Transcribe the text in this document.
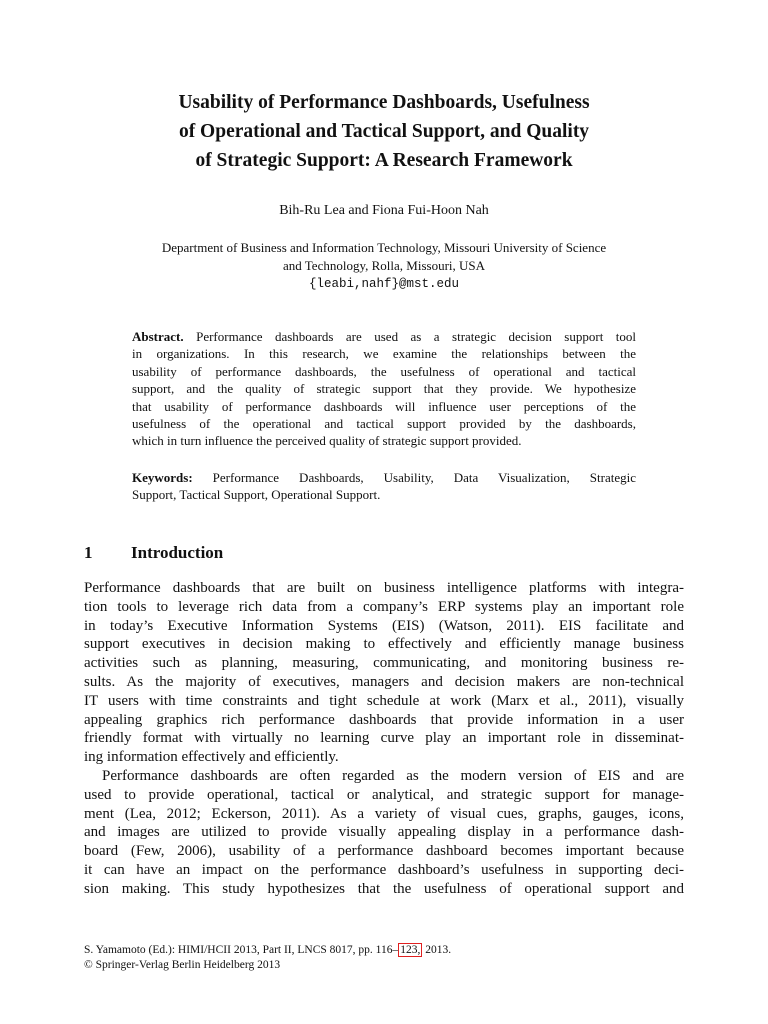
Usability of Performance Dashboards, Usefulness
of Operational and Tactical Support, and Quality
of Strategic Support: A Research Framework

Bih-Ru Lea and Fiona Fui-Hoon Nah

Department of Business and Information Technology, Missouri University of Science
and Technology, Rolla, Missouri, USA
{leabi,nahf}@mst.edu

Abstract. Performance dashboards are used as a strategic decision support tool
in organizations. In this research, we examine the relationships between the
usability of performance dashboards, the usefulness of operational and tactical
support, and the quality of strategic support that they provide. We hypothesize
that usability of performance dashboards will influence user perceptions of the
usefulness of the operational and tactical support provided by the dashboards,
which in turn influence the perceived quality of strategic support provided.
Keywords: Performance Dashboards, Usability, Data Visualization, Strategic
Support, Tactical Support, Operational Support.
1 Introduction
Performance dashboards that are built on business intelligence platforms with integra-
tion tools to leverage rich data from a company’s ERP systems play an important role
in today’s Executive Information Systems (EIS) (Watson, 2011). EIS facilitate and
support executives in decision making to effectively and efficiently manage business
activities such as planning, measuring, communicating, and monitoring business re-
sults. As the majority of executives, managers and decision makers are non-technical
IT users with time constraints and tight schedule at work (Marx et al., 2011), visually
appealing graphics rich performance dashboards that provide information in a user
friendly format with virtually no learning curve play an important role in disseminat-
ing information effectively and efficiently.
Performance dashboards are often regarded as the modern version of EIS and are
used to provide operational, tactical or analytical, and strategic support for manage-
ment (Lea, 2012; Eckerson, 2011). As a variety of visual cues, graphs, gauges, icons,
and images are utilized to provide visually appealing display in a performance dash-
board (Few, 2006), usability of a performance dashboard becomes important because
it can have an impact on the performance dashboard’s usefulness in supporting deci-
sion making. This study hypothesizes that the usefulness of operational support and
S. Yamamoto (Ed.): HIMI/HCII 2013, Part II, LNCS 8017, pp. 116– 123, 2013.
© Springer-Verlag Berlin Heidelberg 2013
